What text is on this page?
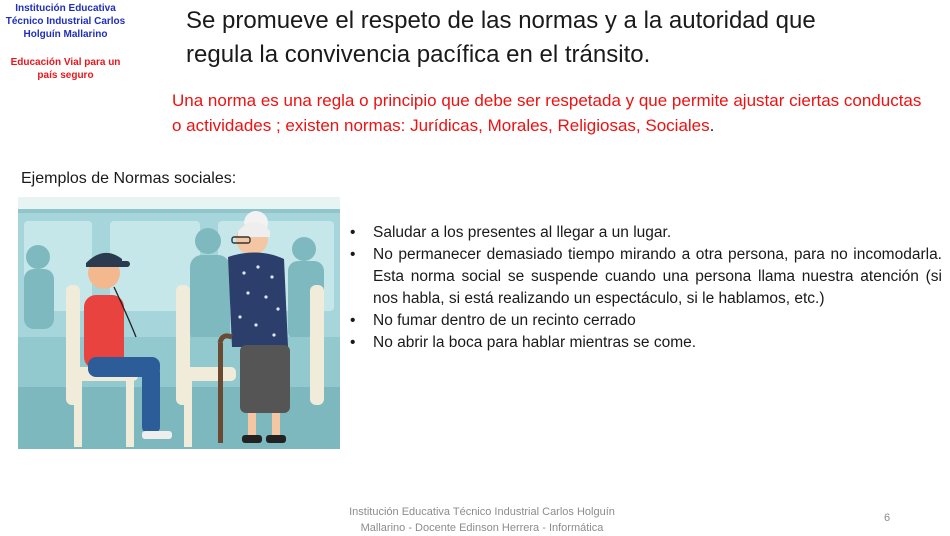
Institución Educativa Técnico Industrial Carlos Holguín Mallarino
Educación Vial para un país seguro
Se promueve el respeto de las normas y a la autoridad que regula la convivencia pacífica en el tránsito.
Una norma es una regla o principio que debe ser respetada y que permite ajustar ciertas conductas o actividades ; existen normas: Jurídicas, Morales, Religiosas, Sociales.
Ejemplos de Normas sociales:
• Saludar a los presentes al llegar a un lugar.
• No permanecer demasiado tiempo mirando a otra persona, para no incomodarla. Esta norma social se suspende cuando una persona llama nuestra atención (si nos habla, si está realizando un espectáculo, si le hablamos, etc.)
• No fumar dentro de un recinto cerrado
• No abrir la boca para hablar mientras se come.
Institución Educativa Técnico Industrial Carlos Holguín Mallarino - Docente Edinson Herrera - Informática
6
